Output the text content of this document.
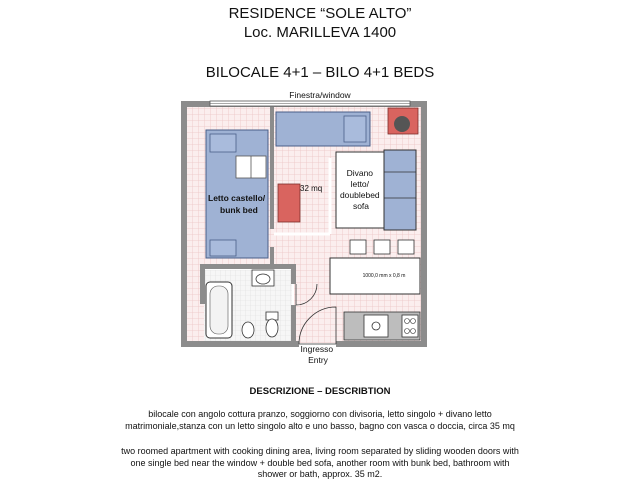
RESIDENCE “SOLE ALTO”
Loc. MARILLEVA 1400
BILOCALE 4+1 – BILO 4+1 BEDS
Finestra/window
Letto castello/ bunk bed
32 mq
Divano letto/ doublebed sofa
1000,0 mm x 0,8 m
Ingresso Entry
DESCRIZIONE – DESCRIBTION
bilocale con angolo cottura pranzo, soggiorno con divisoria, letto singolo + divano letto matrimoniale,stanza con un letto singolo alto e uno basso, bagno con vasca o doccia, circa 35 mq
two roomed apartment with cooking dining area, living room separated by sliding wooden doors with one single bed near the window + double bed sofa, another room with bunk bed, bathroom with shower or bath, approx. 35 m2.
